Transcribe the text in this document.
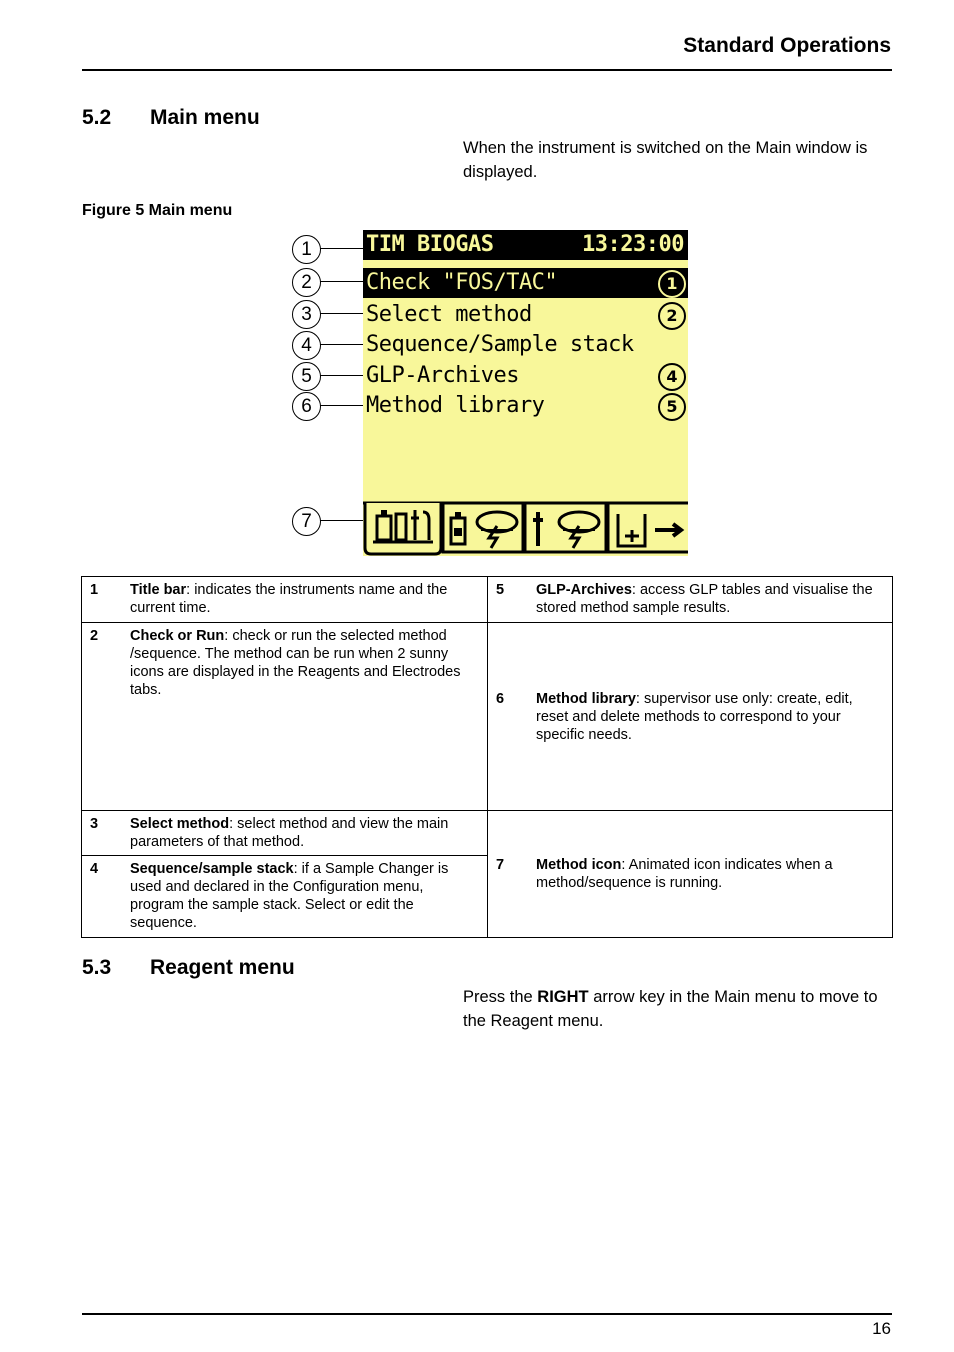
Standard Operations
5.2 Main menu
When the instrument is switched on the Main window is displayed.
Figure 5 Main menu
1
2
3
4
5
6
7
TIM BIOGAS	13:23:00
Check "FOS/TAC"	1
Select method	2
Sequence/Sample stack
GLP-Archives	4
Method library	5
1 Title bar: indicates the instruments name and the current time.	5 GLP-Archives: access GLP tables and visualise the stored method sample results.

2 Check or Run: check or run the selected method /sequence. The method can be run when 2 sunny icons are displayed in the Reagents and Electrodes tabs.	6 Method library: supervisor use only: create, edit, reset and delete methods to correspond to your specific needs.

3 Select method: select method and view the main parameters of that method.	7 Method icon: Animated icon indicates when a method/sequence is running.

4 Sequence/sample stack: if a Sample Changer is used and declared in the Configuration menu, program the sample stack. Select or edit the sequence.	
5.3 Reagent menu
Press the RIGHT arrow key in the Main menu to move to the Reagent menu.
16
